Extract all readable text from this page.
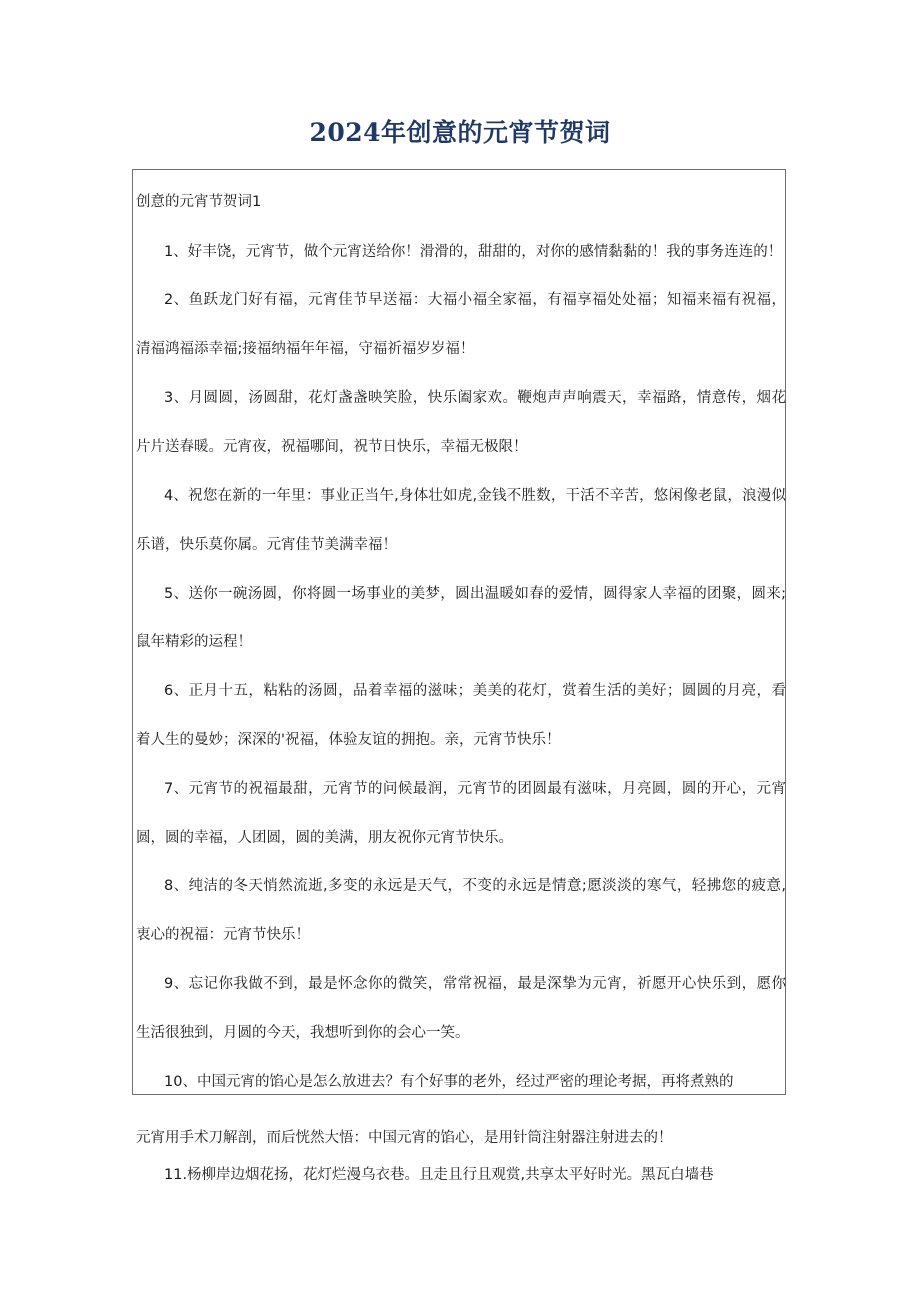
2024年创意的元宵节贺词

创意的元宵节贺词1

1、好丰饶，元宵节，做个元宵送给你！滑滑的，甜甜的，对你的感情黏黏的！我的事务连连的！

2、鱼跃龙门好有福，元宵佳节早送福：大福小福全家福，有福享福处处福；知福来福有祝福，

清福鸿福添幸福;接福纳福年年福，守福祈福岁岁福！

3、月圆圆，汤圆甜，花灯盏盏映笑脸，快乐阖家欢。鞭炮声声响震天，幸福路，情意传，烟花

片片送春暖。元宵夜，祝福哪间，祝节日快乐，幸福无极限！

4、祝您在新的一年里：事业正当午,身体壮如虎,金钱不胜数，干活不辛苦，悠闲像老鼠，浪漫似

乐谱，快乐莫你属。元宵佳节美满幸福！

5、送你一碗汤圆，你将圆一场事业的美梦，圆出温暖如春的爱情，圆得家人幸福的团聚，圆来;

鼠年精彩的运程！

6、正月十五，粘粘的汤圆，品着幸福的滋味；美美的花灯，赏着生活的美好；圆圆的月亮，看

着人生的曼妙；深深的'祝福，体验友谊的拥抱。亲，元宵节快乐！

7、元宵节的祝福最甜，元宵节的问候最润，元宵节的团圆最有滋味，月亮圆，圆的开心，元宵

圆，圆的幸福，人团圆，圆的美满，朋友祝你元宵节快乐。

8、纯洁的冬天悄然流逝,多变的永远是天气，不变的永远是情意;愿淡淡的寒气，轻拂您的疲意,

衷心的祝福：元宵节快乐！

9、忘记你我做不到，最是怀念你的微笑，常常祝福，最是深挚为元宵，祈愿开心快乐到，愿你

生活很独到，月圆的今天，我想听到你的会心一笑。

10、中国元宵的馅心是怎么放进去？有个好事的老外，经过严密的理论考据，再将煮熟的

元宵用手术刀解剖，而后恍然大悟：中国元宵的馅心，是用针筒注射器注射进去的！

11.杨柳岸边烟花扬，花灯烂漫乌衣巷。且走且行且观赏,共享太平好时光。黑瓦白墙巷
